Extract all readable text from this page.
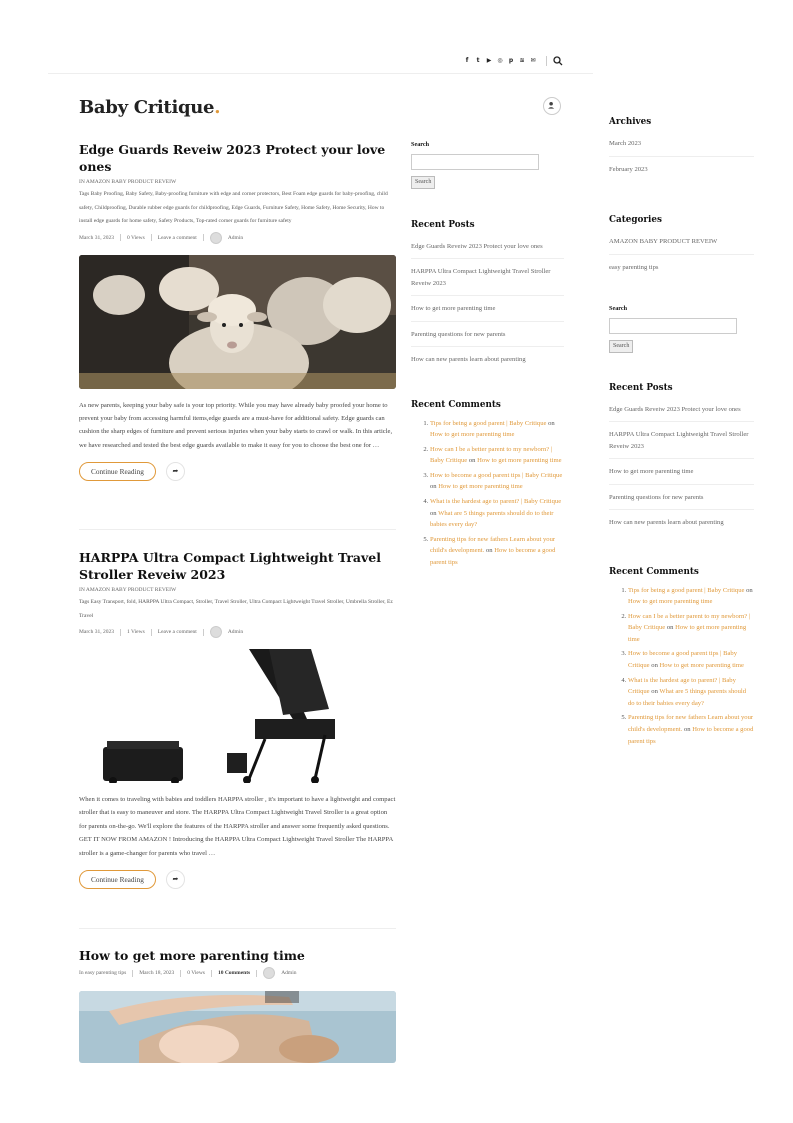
f	t	▶ ◎	p	≋ ✉
Baby Critique.
Edge Guards Reveiw 2023 Protect your love ones
IN AMAZON BABY PRODUCT REVEIW
Tags Baby Proofing, Baby Safety, Baby-proofing furniture with edge and corner protectors, Best Foam edge guards for baby-proofing, child safety, Childproofing, Durable rubber edge guards for childproofing, Edge Guards, Furniture Safety, Home Safety, Home Security, How to install edge guards for home safety, Safety Products, Top-rated corner guards for furniture safety
March 31, 2023 0 Views Leave a comment	Admin
As new parents, keeping your baby safe is your top priority. While you may have already baby proofed your home to prevent your baby from accessing harmful items,edge guards are a must-have for additional safety. Edge guards can cushion the sharp edges of furniture and prevent serious injuries when your baby starts to crawl or walk. In this article, we have researched and tested the best edge guards available to make it easy for you to choose the best one for …
Continue Reading	➦
HARPPA Ultra Compact Lightweight Travel Stroller Reveiw 2023
IN AMAZON BABY PRODUCT REVEIW
Tags Easy Transport, fold, HARPPA Ultra Compact, Stroller, Travel Stroller, Ultra Compact Lightweight Travel Stroller, Umbrella Stroller, Ez Travel
March 31, 2023 1 Views Leave a comment	Admin
When it comes to traveling with babies and toddlers HARPPA stroller , it's important to have a lightweight and compact stroller that is easy to maneuver and store. The HARPPA Ultra Compact Lightweight Travel Stroller is a great option for parents on-the-go. We'll explore the features of the HARPPA stroller and answer some frequently asked questions. GET IT NOW FROM AMAZON ! Introducing the HARPPA Ultra Compact Lightweight Travel Stroller The HARPPA stroller is a game-changer for parents who travel …
Continue Reading	➦
How to get more parenting time
In easy parenting tips March 18, 2023 0 Views 10 Comments	Admin
Search
Search
Recent Posts
Edge Guards Reveiw 2023 Protect your love ones
HARPPA Ultra Compact Lightweight Travel Stroller Reveiw 2023
How to get more parenting time
Parenting questions for new parents
How can new parents learn about parenting
Recent Comments
1. Tips for being a good parent | Baby Critique on How to get more parenting time
2. How can I be a better parent to my newborn? | Baby Critique on How to get more parenting time
3. How to become a good parent tips | Baby Critique on How to get more parenting time
4. What is the hardest age to parent? | Baby Critique on What are 5 things parents should do to their babies every day?
5. Parenting tips for new fathers Learn about your child's development. on How to become a good parent tips
Archives
March 2023
February 2023
Categories
AMAZON BABY PRODUCT REVEIW
easy parenting tips
Search
Search
Recent Posts
Edge Guards Reveiw 2023 Protect your love ones
HARPPA Ultra Compact Lightweight Travel Stroller Reveiw 2023
How to get more parenting time
Parenting questions for new parents
How can new parents learn about parenting
Recent Comments
1. Tips for being a good parent | Baby Critique on How to get more parenting time
2. How can I be a better parent to my newborn? | Baby Critique on How to get more parenting time
3. How to become a good parent tips | Baby Critique on How to get more parenting time
4. What is the hardest age to parent? | Baby Critique on What are 5 things parents should do to their babies every day?
5. Parenting tips for new fathers Learn about your child's development. on How to become a good parent tips
